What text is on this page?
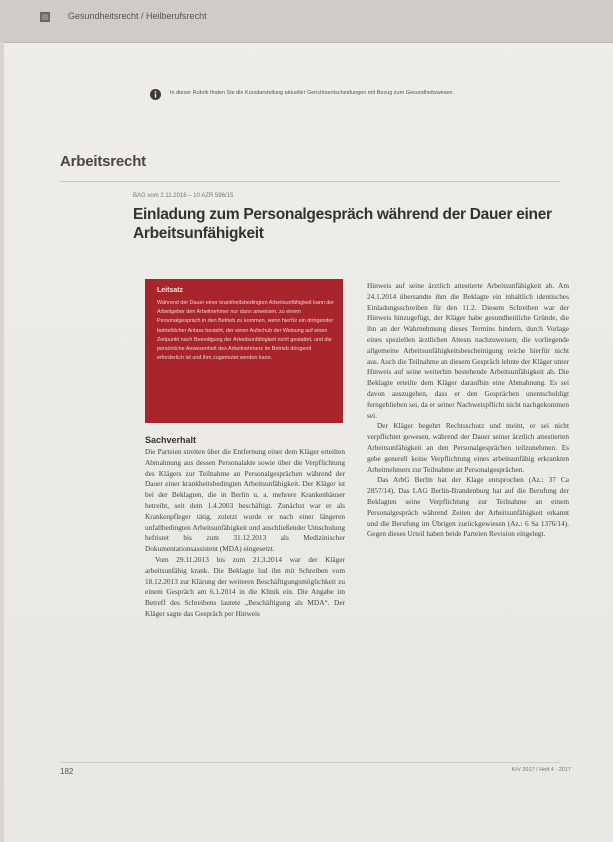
Gesundheitsrecht / Heilberufsrecht
In dieser Rubrik finden Sie die Kurzdarstellung aktueller Gerichtsentscheidungen mit Bezug zum Gesundheitswesen.
Arbeitsrecht
BAG vom 2.11.2016 – 10 AZR 596/15
Einladung zum Personalgespräch während der Dauer einer Arbeitsunfähigkeit
Leitsatz
Während der Dauer einer krankheitsbedingten Arbeitsunfähigkeit kann der Arbeitgeber den Arbeitnehmer nur dann anweisen, zu einem Personalgespräch in den Betrieb zu kommen, wenn hierfür ein dringender betrieblicher Anlass besteht, der einen Aufschub der Weisung auf einen Zeitpunkt nach Beendigung der Arbeitsunfähigkeit nicht gestattet, und die persönliche Anwesenheit des Arbeitnehmers im Betrieb dringend erforderlich ist und ihm zugemutet werden kann.
Sachverhalt

Die Parteien streiten über die Entfernung einer dem Kläger erteilten Abmahnung aus dessen Personalakte sowie über die Verpflichtung des Klägers zur Teilnahme an Personalgesprächen während der Dauer einer krankheitsbedingten Arbeitsunfähigkeit. Der Kläger ist bei der Beklagten, die in Berlin u. a. mehrere Krankenhäuser betreibt, seit dem 1.4.2003 beschäftigt. Zunächst war er als Krankenpfleger tätig, zuletzt wurde er nach einer längeren unfallbedingten Arbeitsunfähigkeit und anschließender Umschulung befristet bis zum 31.12.2013 als Medizinischer Dokumentationsassistent (MDA) eingesetzt.

Vom 29.11.2013 bis zum 21.3.2014 war der Kläger arbeitsunfähig krank. Die Beklagte lud ihn mit Schreiben vom 18.12.2013 zur Klärung der weiteren Beschäftigungsmöglichkeit zu einem Gespräch am 6.1.2014 in die Klinik ein. Die Angabe im Betreff des Schreibens lautete „Beschäftigung als MDA“. Der Kläger sagte das Gespräch per Hinweis

Hinweis auf seine ärztlich attestierte Arbeitsunfähigkeit ab. Am 24.1.2014 übersandte ihm die Beklagte ein inhaltlich identisches Einladungsschreiben für den 11.2. Diesem Schreiben war der Hinweis hinzugefügt, der Kläger habe gesundheitliche Gründe, die ihn an der Wahrnehmung dieses Termins hindern, durch Vorlage eines speziellen ärztlichen Attests nachzuweisen; die vorliegende allgemeine Arbeitsunfähigkeitsbescheinigung reiche hierfür nicht aus. Auch die Teilnahme an diesem Gespräch lehnte der Kläger unter Hinweis auf seine weiterhin bestehende Arbeitsunfähigkeit ab. Die Beklagte erteilte dem Kläger daraufhin eine Abmahnung. Es sei davon auszugehen, dass er den Gesprächen unentschuldigt ferngeblieben sei, da er seiner Nachweispflicht nicht nachgekommen sei.

Der Kläger begehrt Rechtsschutz und meint, er sei nicht verpflichtet gewesen, während der Dauer seiner ärztlich attestierten Arbeitsunfähigkeit an den Personalgesprächen teilzunehmen. Es gebe generell keine Verpflichtung eines arbeitsunfähig erkrankten Arbeitnehmers zur Teilnahme an Personalgesprächen.

Das ArbG Berlin hat der Klage entsprochen (Az.: 37 Ca 2857/14). Das LAG Berlin-Brandenburg hat auf die Berufung der Beklagten seine Verpflichtung zur Teilnahme an einem Personalgespräch während Zeiten der Arbeitsunfähigkeit erkannt und die Berufung im Übrigen zurückgewiesen (Az.: 6 Sa 1376/14). Gegen dieses Urteil haben beide Parteien Revision eingelegt.

182	KrV 2017 / Heft 4 · 2017
